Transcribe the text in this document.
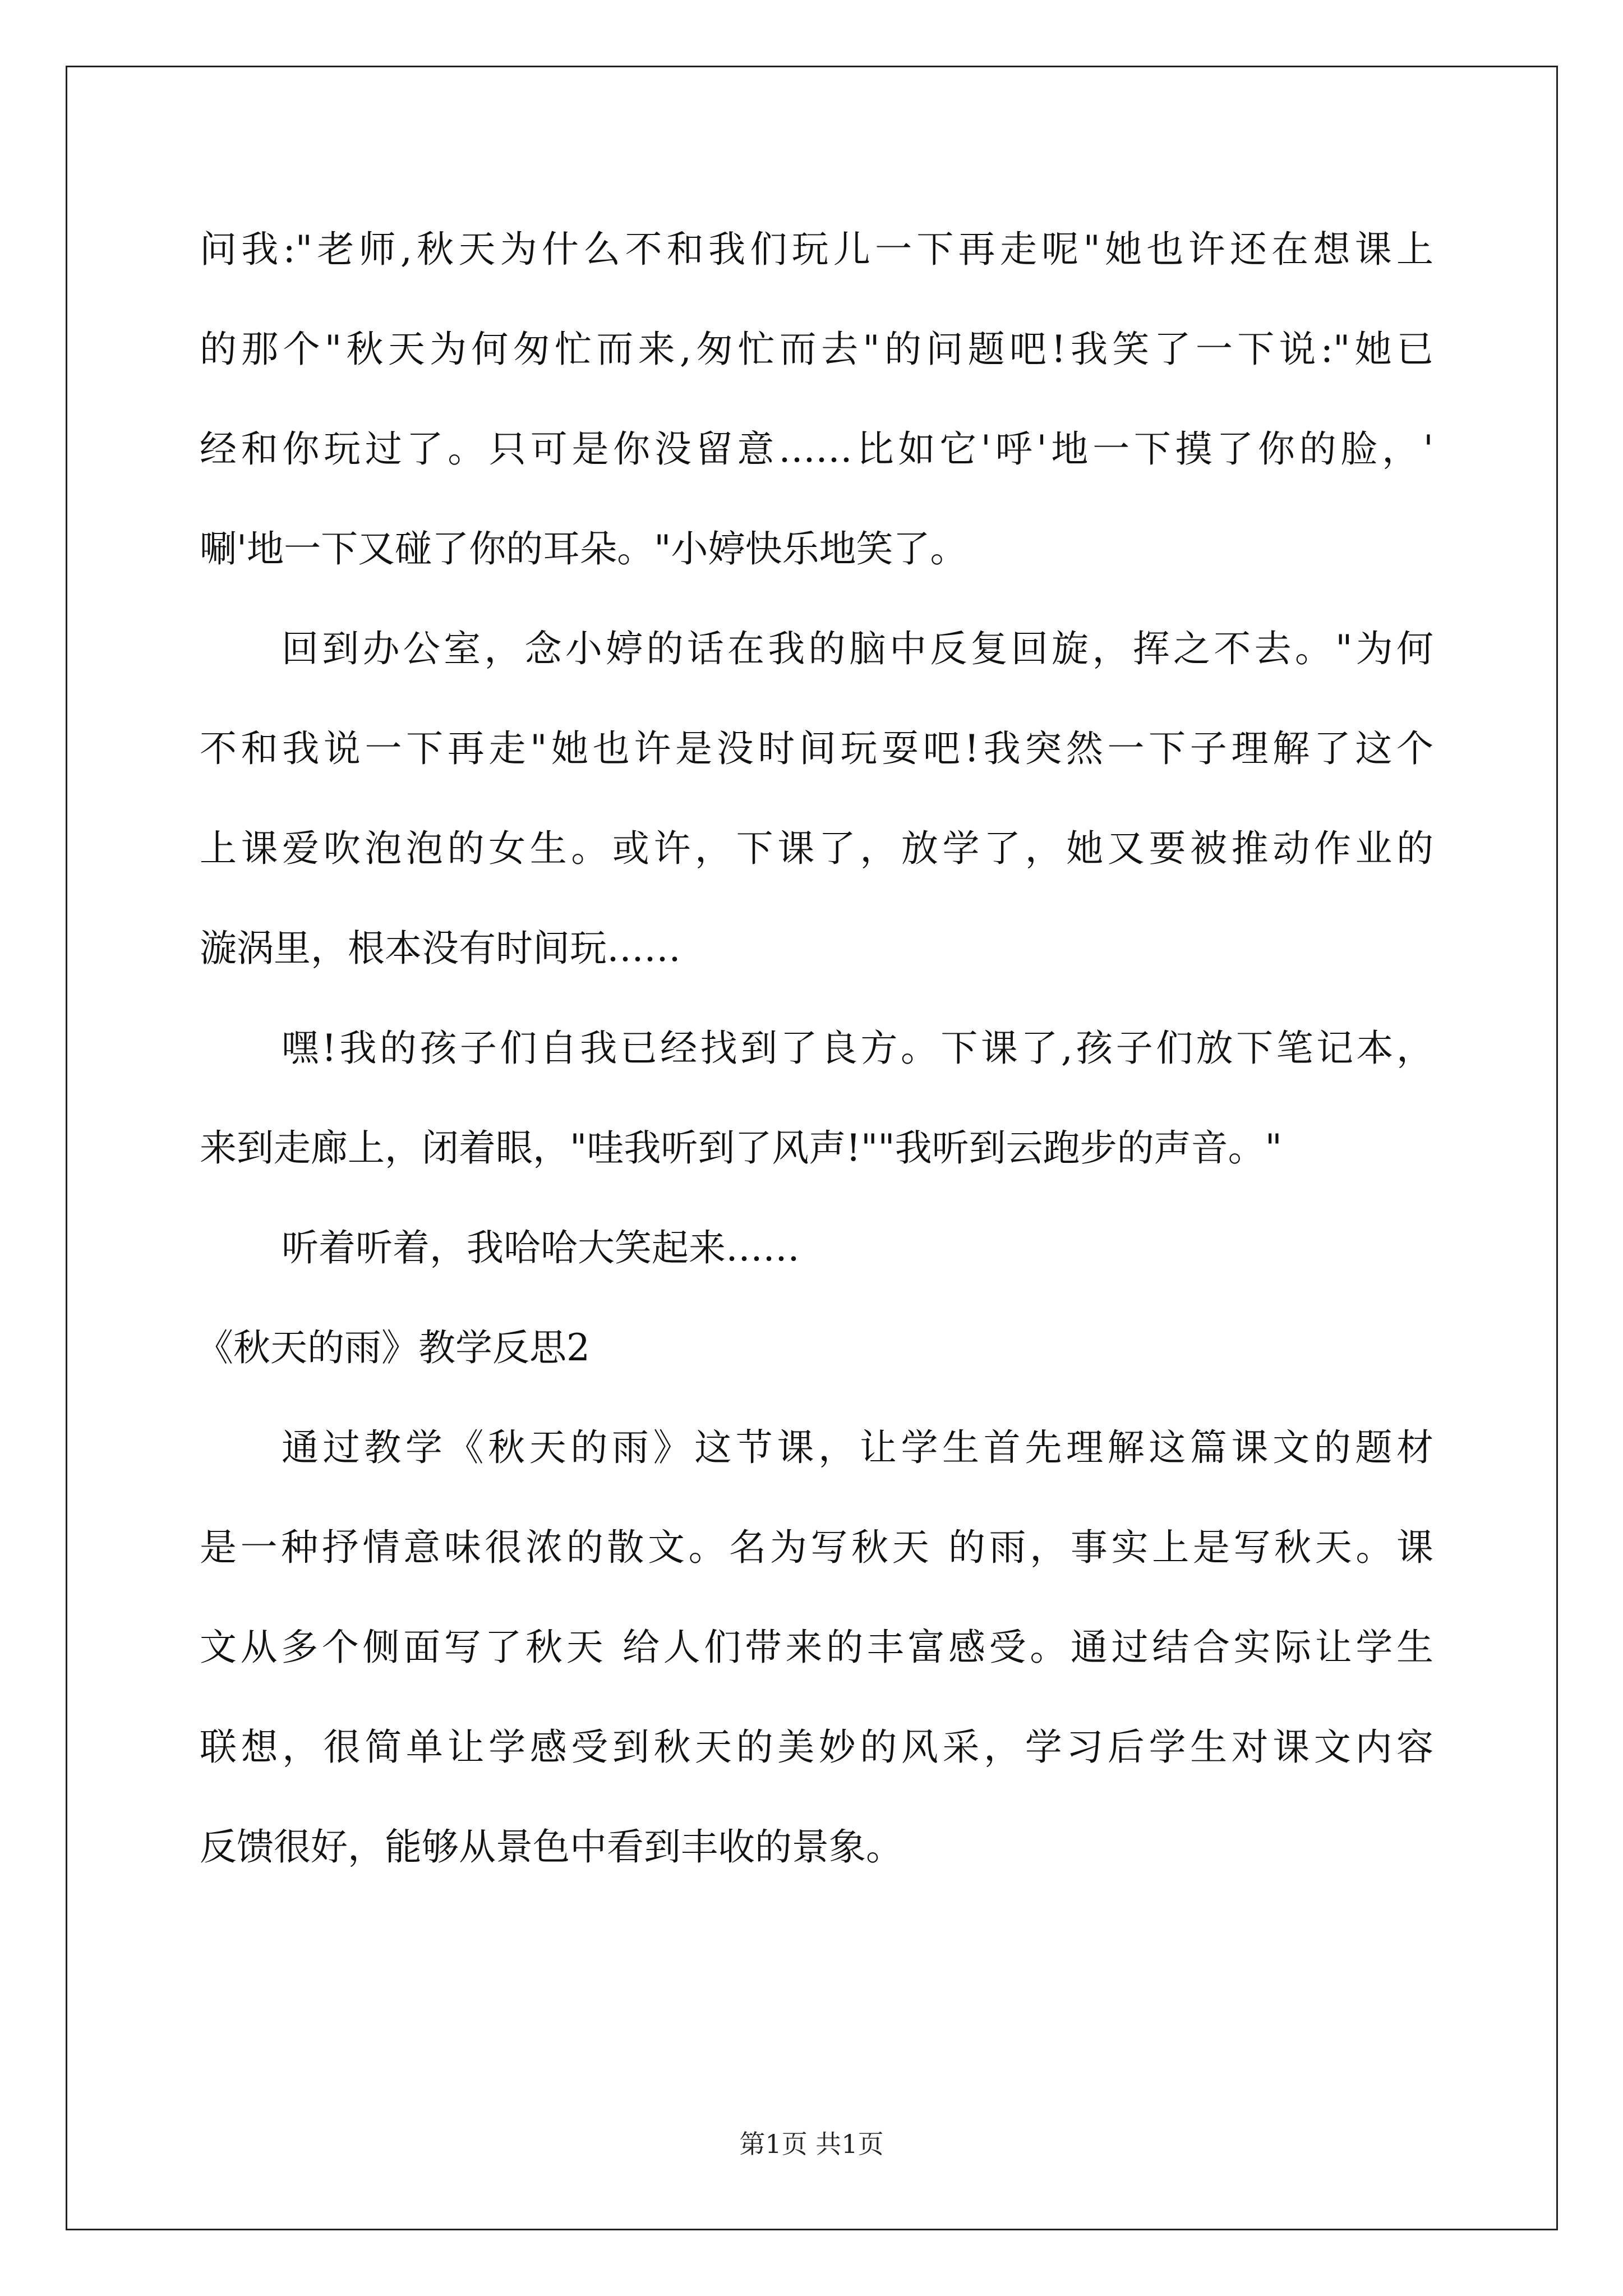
问我:"老师,秋天为什么不和我们玩儿一下再走呢"她也许还在想课上
的那个"秋天为何匆忙而来,匆忙而去"的问题吧!我笑了一下说:"她已
经和你玩过了。只可是你没留意……比如它'呼'地一下摸了你的脸，'
唰'地一下又碰了你的耳朵。"小婷快乐地笑了。
回到办公室，念小婷的话在我的脑中反复回旋，挥之不去。"为何
不和我说一下再走"她也许是没时间玩耍吧!我突然一下子理解了这个
上课爱吹泡泡的女生。或许，下课了，放学了，她又要被推动作业的
漩涡里，根本没有时间玩……
嘿!我的孩子们自我已经找到了良方。下课了,孩子们放下笔记本，
来到走廊上，闭着眼，"哇我听到了风声!""我听到云跑步的声音。"
听着听着，我哈哈大笑起来……
《秋天的雨》教学反思2
通过教学《秋天的雨》这节课，让学生首先理解这篇课文的题材
是一种抒情意味很浓的散文。名为写秋天 的雨，事实上是写秋天。课
文从多个侧面写了秋天 给人们带来的丰富感受。通过结合实际让学生
联想，很简单让学感受到秋天的美妙的风采，学习后学生对课文内容
反馈很好，能够从景色中看到丰收的景象。
第1页 共1页
